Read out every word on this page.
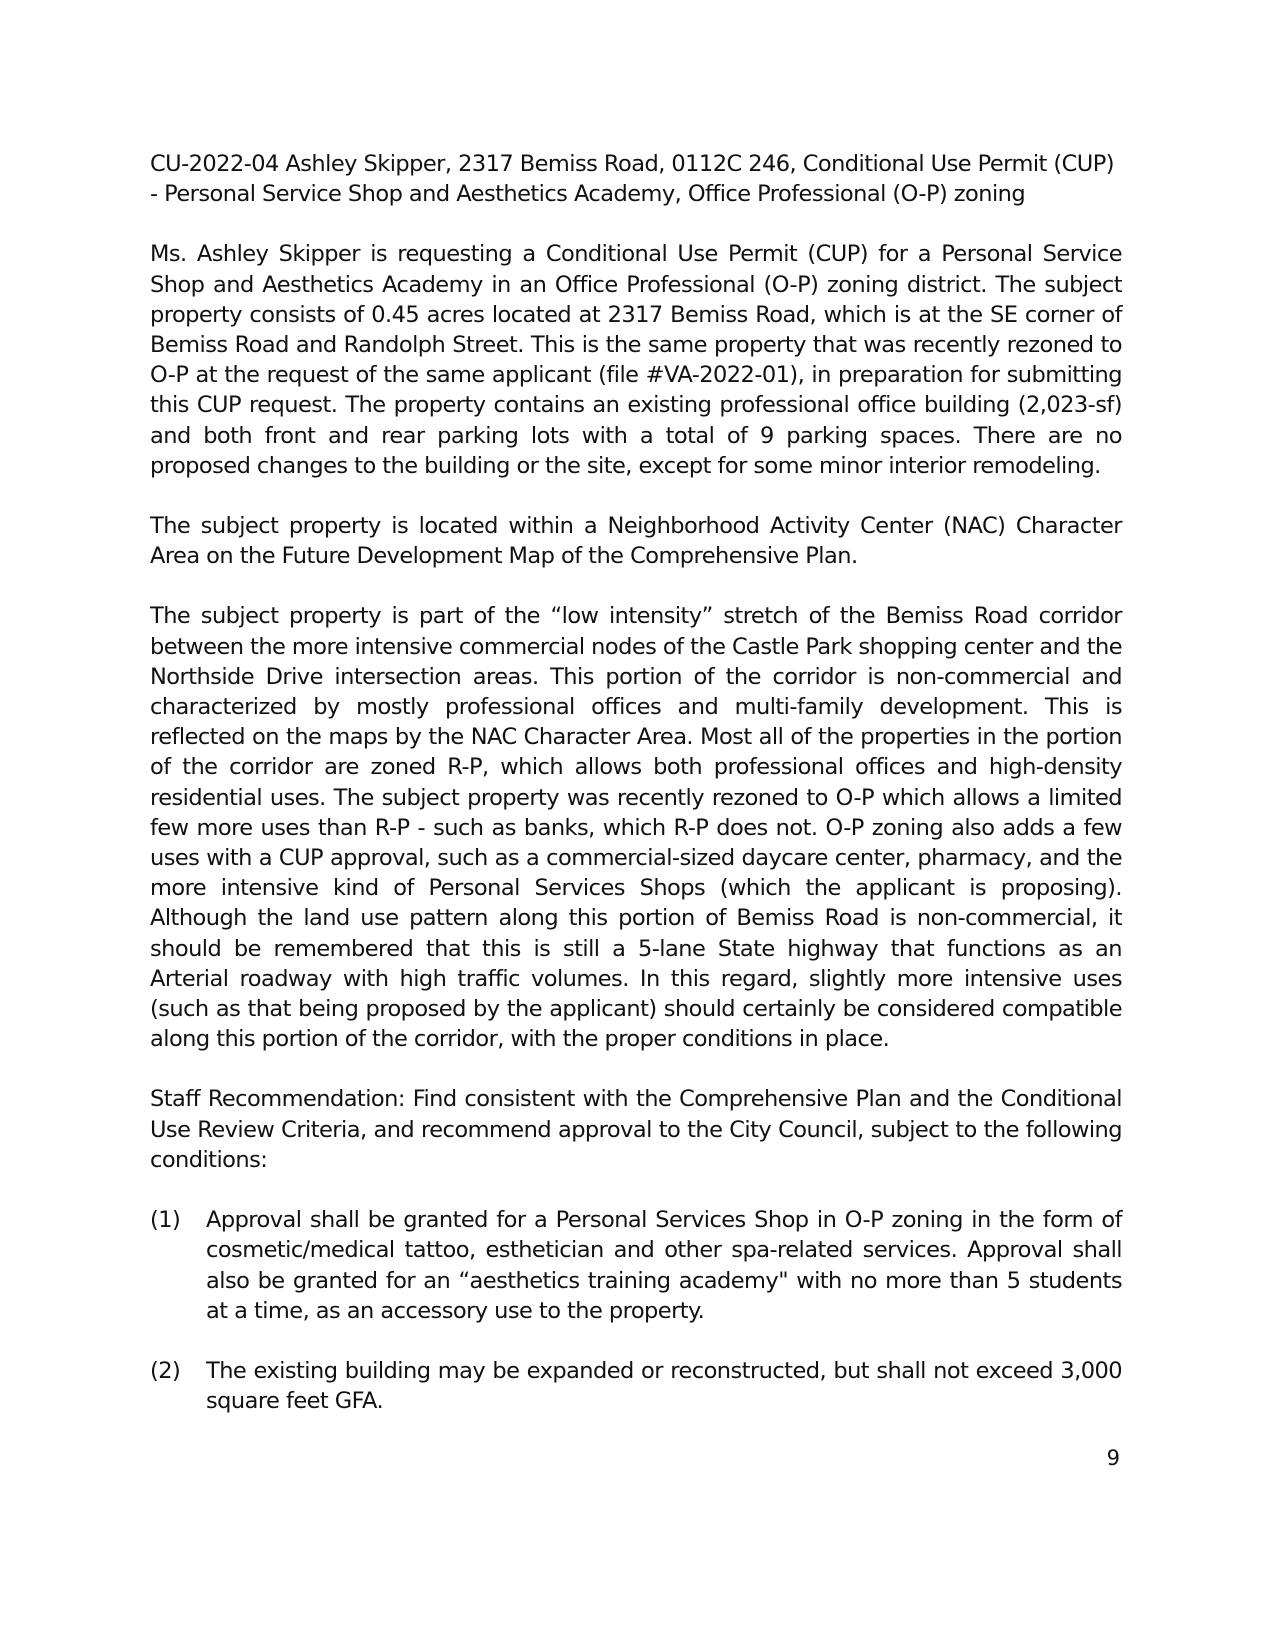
CU-2022-04 Ashley Skipper, 2317 Bemiss Road, 0112C 246, Conditional Use Permit (CUP) - Personal Service Shop and Aesthetics Academy, Office Professional (O-P) zoning

Ms. Ashley Skipper is requesting a Conditional Use Permit (CUP) for a Personal Service Shop and Aesthetics Academy in an Office Professional (O-P) zoning district. The subject property consists of 0.45 acres located at 2317 Bemiss Road, which is at the SE corner of Bemiss Road and Randolph Street. This is the same property that was recently rezoned to O-P at the request of the same applicant (file #VA-2022-01), in preparation for submitting this CUP request. The property contains an existing professional office building (2,023-sf) and both front and rear parking lots with a total of 9 parking spaces. There are no proposed changes to the building or the site, except for some minor interior remodeling.

The subject property is located within a Neighborhood Activity Center (NAC) Character Area on the Future Development Map of the Comprehensive Plan.

The subject property is part of the “low intensity” stretch of the Bemiss Road corridor between the more intensive commercial nodes of the Castle Park shopping center and the Northside Drive intersection areas. This portion of the corridor is non-commercial and characterized by mostly professional offices and multi-family development. This is reflected on the maps by the NAC Character Area. Most all of the properties in the portion of the corridor are zoned R-P, which allows both professional offices and high-density residential uses. The subject property was recently rezoned to O-P which allows a limited few more uses than R-P - such as banks, which R-P does not. O-P zoning also adds a few uses with a CUP approval, such as a commercial-sized daycare center, pharmacy, and the more intensive kind of Personal Services Shops (which the applicant is proposing). Although the land use pattern along this portion of Bemiss Road is non-commercial, it should be remembered that this is still a 5-lane State highway that functions as an Arterial roadway with high traffic volumes. In this regard, slightly more intensive uses (such as that being proposed by the applicant) should certainly be considered compatible along this portion of the corridor, with the proper conditions in place.

Staff Recommendation: Find consistent with the Comprehensive Plan and the Conditional Use Review Criteria, and recommend approval to the City Council, subject to the following conditions:

(1) Approval shall be granted for a Personal Services Shop in O-P zoning in the form of cosmetic/medical tattoo, esthetician and other spa-related services. Approval shall also be granted for an “aesthetics training academy" with no more than 5 students at a time, as an accessory use to the property.
(2) The existing building may be expanded or reconstructed, but shall not exceed 3,000 square feet GFA.
9
